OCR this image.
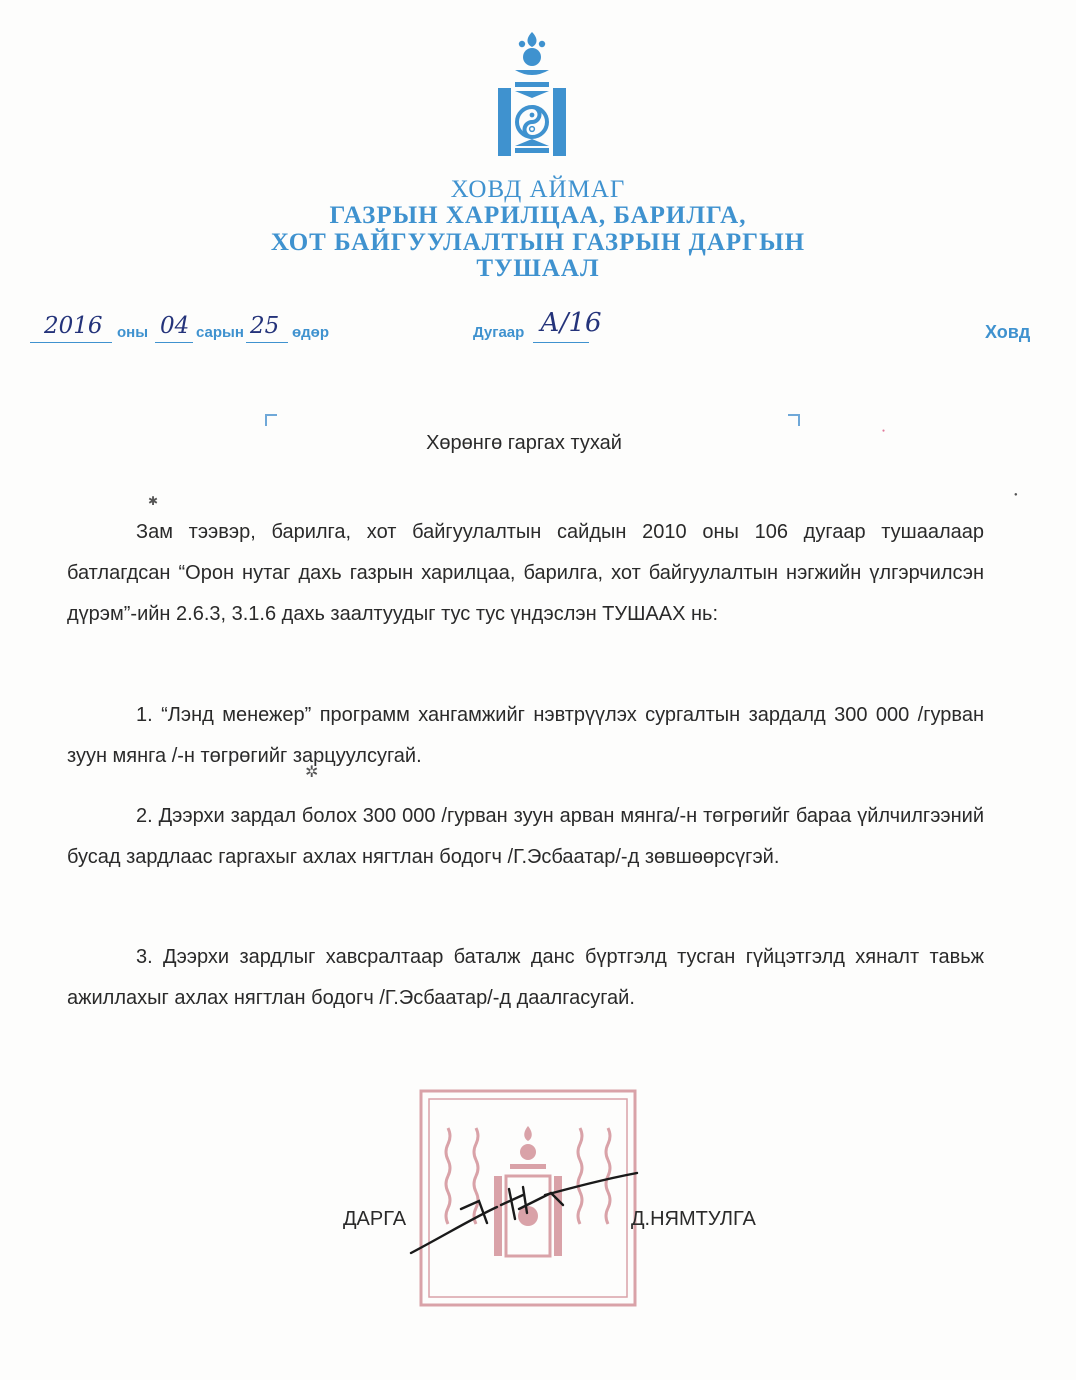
ХОВД АЙМАГ
ГАЗРЫН ХАРИЛЦАА, БАРИЛГА,
ХОТ БАЙГУУЛАЛТЫН ГАЗРЫН ДАРГЫН
ТУШААЛ
2016 оны 04 сарын 25 өдөр	Дугаар А/16	Ховд
Хөрөнгө гаргах тухай

Зам тээвэр, барилга, хот байгуулалтын сайдын 2010 оны 106 дугаар тушаалаар батлагдсан “Орон нутаг дахь газрын харилцаа, барилга, хот байгуулалтын нэгжийн үлгэрчилсэн дүрэм”-ийн 2.6.3, 3.1.6 дахь заалтуудыг тус тус үндэслэн ТУШААХ нь:

1. “Лэнд менежер” программ хангамжийг нэвтрүүлэх сургалтын зардалд 300 000 /гурван зуун мянга /-н төгрөгийг зарцуулсугай.

2. Дээрхи зардал болох 300 000 /гурван зуун арван мянга/-н төгрөгийг бараа үйлчилгээний бусад зардлаас гаргахыг ахлах нягтлан бодогч /Г.Эсбаатар/-д зөвшөөрсүгэй.

3. Дээрхи зардлыг хавсралтаар баталж данс бүртгэлд тусган гүйцэтгэлд хяналт тавьж ажиллахыг ахлах нягтлан бодогч /Г.Эсбаатар/-д даалгасугай.

ДАРГА	Д.НЯМТУЛГА
✱
✲
●
●
